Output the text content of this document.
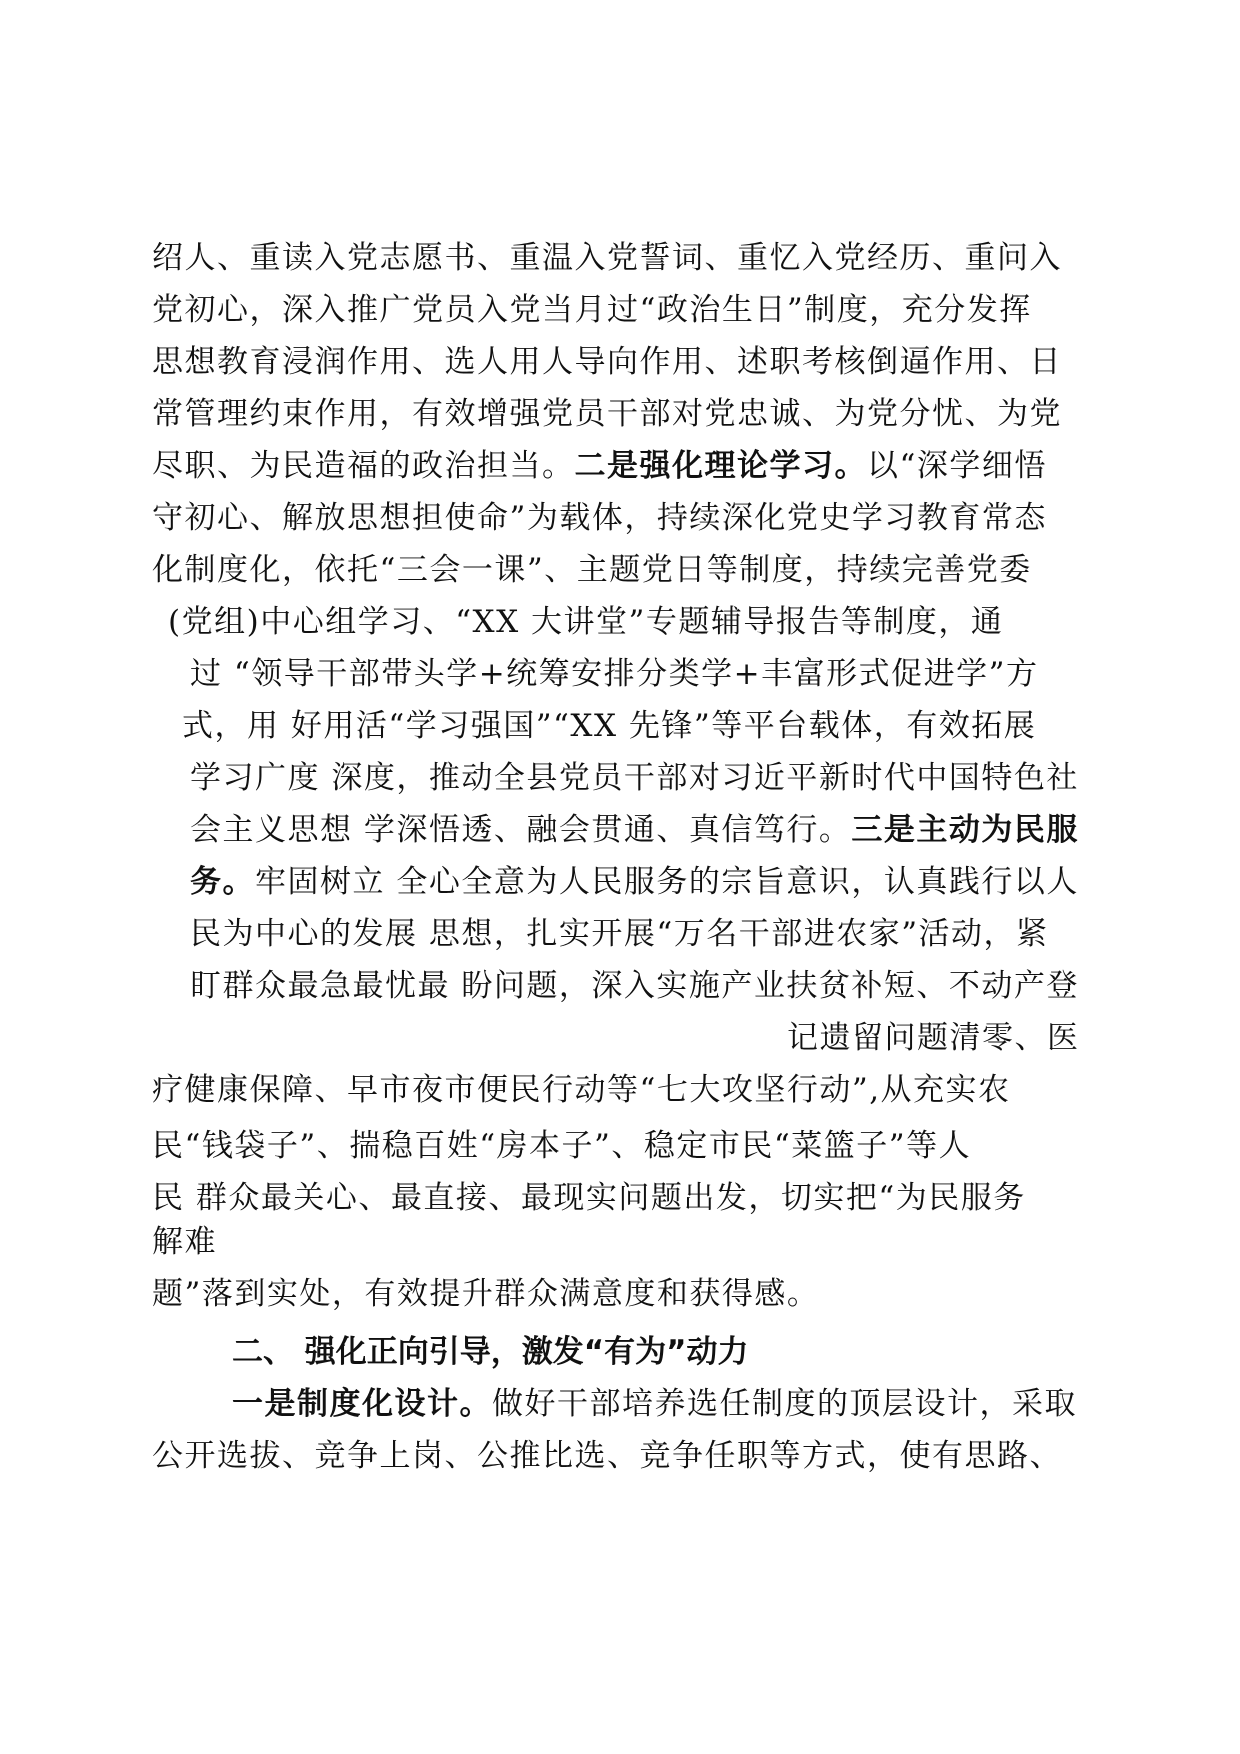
绍人、重读入党志愿书、重温入党誓词、重忆入党经历、重问入
党初心，深入推广党员入党当月过“政治生日”制度，充分发挥
思想教育浸润作用、选人用人导向作用、述职考核倒逼作用、日
常管理约束作用，有效增强党员干部对党忠诚、为党分忧、为党
尽职、为民造福的政治担当。二是强化理论学习。以“深学细悟
守初心、解放思想担使命”为载体，持续深化党史学习教育常态
化制度化，依托“三会一课”、主题党日等制度，持续完善党委
(党组)中心组学习、“XX 大讲堂”专题辅导报告等制度，通
过 “领导干部带头学+统筹安排分类学+丰富形式促进学”方
式，用 好用活“学习强国”“XX 先锋”等平台载体，有效拓展
学习广度 深度，推动全县党员干部对习近平新时代中国特色社
会主义思想 学深悟透、融会贯通、真信笃行。三是主动为民服
务。牢固树立 全心全意为人民服务的宗旨意识，认真践行以人
民为中心的发展 思想，扎实开展“万名干部进农家”活动，紧
盯群众最急最忧最 盼问题，深入实施产业扶贫补短、不动产登
记遗留问题清零、医
疗健康保障、早市夜市便民行动等“七大攻坚行动”,从充实农
民“钱袋子”、揣稳百姓“房本子”、稳定市民“菜篮子”等人
民 群众最关心、最直接、最现实问题出发，切实把“为民服务
解难
题”落到实处，有效提升群众满意度和获得感。
二、 强化正向引导，激发“有为”动力
一是制度化设计。做好干部培养选任制度的顶层设计，采取
公开选拔、竞争上岗、公推比选、竞争任职等方式，使有思路、
